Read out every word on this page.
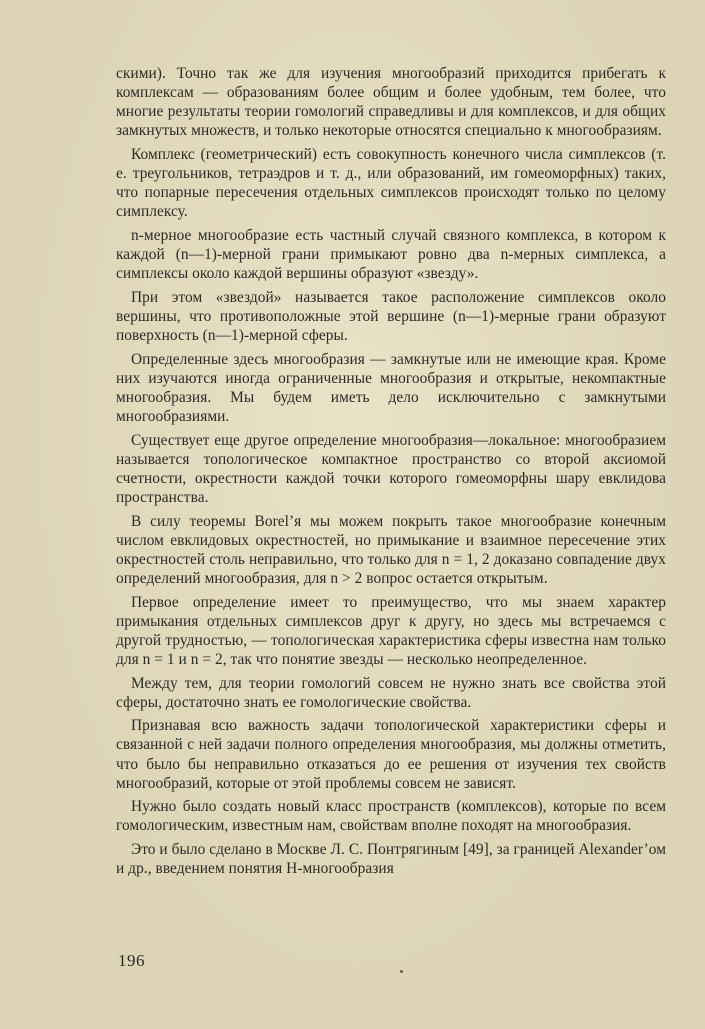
скими). Точно так же для изучения многообразий приходится прибегать к комплексам — образованиям более общим и более удобным, тем более, что многие результаты теории гомологий справедливы и для комплексов, и для общих замкнутых множеств, и только некоторые относятся специально к многообразиям.

Комплекс (геометрический) есть совокупность конечного числа симплексов (т. е. треугольников, тетраэдров и т. д., или образований, им гомеоморфных) таких, что попарные пересечения отдельных симплексов происходят только по целому симплексу.

n-мерное многообразие есть частный случай связного комплекса, в котором к каждой (n—1)-мерной грани примыкают ровно два n-мерных симплекса, а симплексы около каждой вершины образуют «звезду».

При этом «звездой» называется такое расположение симплексов около вершины, что противоположные этой вершине (n—1)-мерные грани образуют поверхность (n—1)-мерной сферы.

Определенные здесь многообразия — замкнутые или не имеющие края. Кроме них изучаются иногда ограниченные многообразия и открытые, некомпактные многообразия. Мы будем иметь дело исключительно с замкнутыми многообразиями.

Существует еще другое определение многообразия—локальное: многообразием называется топологическое компактное пространство со второй аксиомой счетности, окрестности каждой точки которого гомеоморфны шару евклидова пространства.

В силу теоремы Borel’я мы можем покрыть такое многообразие конечным числом евклидовых окрестностей, но примыкание и взаимное пересечение этих окрестностей столь неправильно, что только для n = 1, 2 доказано совпадение двух определений многообразия, для n > 2 вопрос остается открытым.

Первое определение имеет то преимущество, что мы знаем характер примыкания отдельных симплексов друг к другу, но здесь мы встречаемся с другой трудностью, — топологическая характеристика сферы известна нам только для n = 1 и n = 2, так что понятие звезды — несколько неопределенное.

Между тем, для теории гомологий совсем не нужно знать все свойства этой сферы, достаточно знать ее гомологические свойства.

Признавая всю важность задачи топологической характеристики сферы и связанной с ней задачи полного определения многообразия, мы должны отметить, что было бы неправильно отказаться до ее решения от изучения тех свойств многообразий, которые от этой проблемы совсем не зависят.

Нужно было создать новый класс пространств (комплексов), которые по всем гомологическим, известным нам, свойствам вполне походят на многообразия.

Это и было сделано в Москве Л. С. Понтрягиным [49], за границей Alexander’ом и др., введением понятия H-многообразия

196
